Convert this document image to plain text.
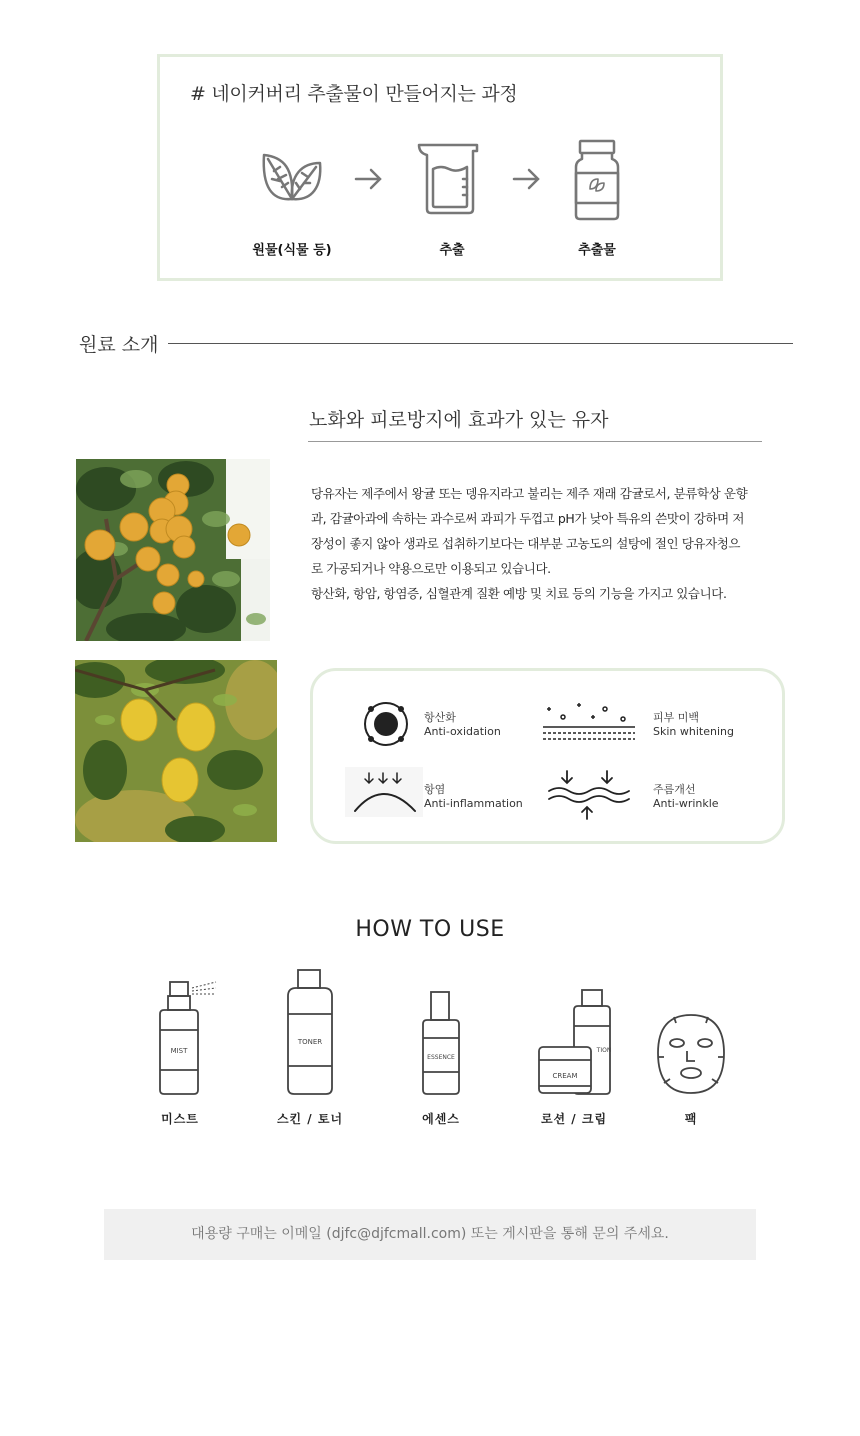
# 네이커버리 추출물이 만들어지는 과정
원물(식물 등)	추출	추출물
원료 소개
노화와 피로방지에 효과가 있는 유자
당유자는 제주에서 왕귤 또는 뎅유지라고 불리는 제주 재래 감귤로서, 분류학상 운향
과, 감귤아과에 속하는 과수로써 과피가 두껍고 pH가 낮아 특유의 쓴맛이 강하며 저
장성이 좋지 않아 생과로 섭취하기보다는 대부분 고농도의 설탕에 절인 당유자청으
로 가공되거나 약용으로만 이용되고 있습니다.
항산화, 항암, 항염증, 심혈관계 질환 예방 및 치료 등의 기능을 가지고 있습니다.
항산화
Anti-oxidation
피부 미백
Skin whitening
항염
Anti-inflammation
주름개선
Anti-wrinkle
HOW TO USE
MIST
TONER
ESSENCE
TION
CREAM
미스트	스킨 / 토너	에센스	로션 / 크림	팩
대용량 구매는 이메일 (djfc@djfcmall.com) 또는 게시판을 통해 문의 주세요.
